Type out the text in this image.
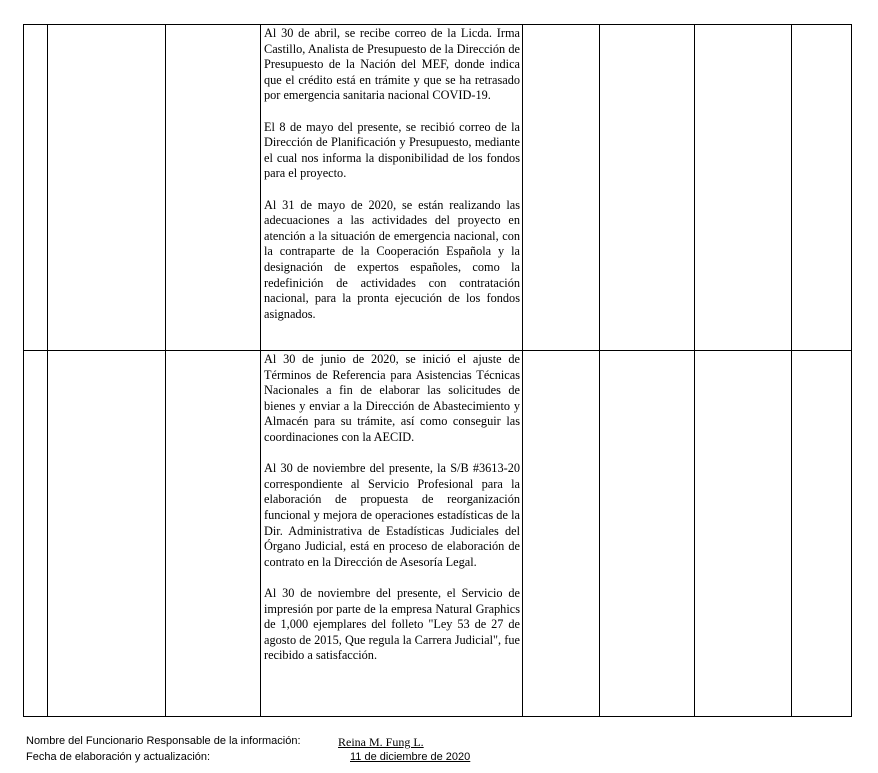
			Al 30 de abril, se recibe correo de la Licda. Irma Castillo, Analista de Presupuesto de la Dirección de Presupuesto de la Nación del MEF, donde indica que el crédito está en trámite y que se ha retrasado por emergencia sanitaria nacional COVID-19.

El 8 de mayo del presente, se recibió correo de la Dirección de Planificación y Presupuesto, mediante el cual nos informa la disponibilidad de los fondos para el proyecto.

Al 31 de mayo de 2020, se están realizando las adecuaciones a las actividades del proyecto en atención a la situación de emergencia nacional, con la contraparte de la Cooperación Española y la designación de expertos españoles, como la redefinición de actividades con contratación nacional, para la pronta ejecución de los fondos asignados.				

			Al 30 de junio de 2020, se inició el ajuste de Términos de Referencia para Asistencias Técnicas Nacionales a fin de elaborar las solicitudes de bienes y enviar a la Dirección de Abastecimiento y Almacén para su trámite, así como conseguir las coordinaciones con la AECID.

Al 30 de noviembre del presente, la S/B #3613-20 correspondiente al Servicio Profesional para la elaboración de propuesta de reorganización funcional y mejora de operaciones estadísticas de la Dir. Administrativa de Estadísticas Judiciales del Órgano Judicial, está en proceso de elaboración de contrato en la Dirección de Asesoría Legal.

Al 30 de noviembre del presente, el Servicio de impresión por parte de la empresa Natural Graphics de 1,000 ejemplares del folleto "Ley 53 de 27 de agosto de 2015, Que regula la Carrera Judicial", fue recibido a satisfacción.				

Nombre del Funcionario Responsable de la información:	Reina M. Fung L.
Fecha de elaboración y actualización:	11 de diciembre de 2020
